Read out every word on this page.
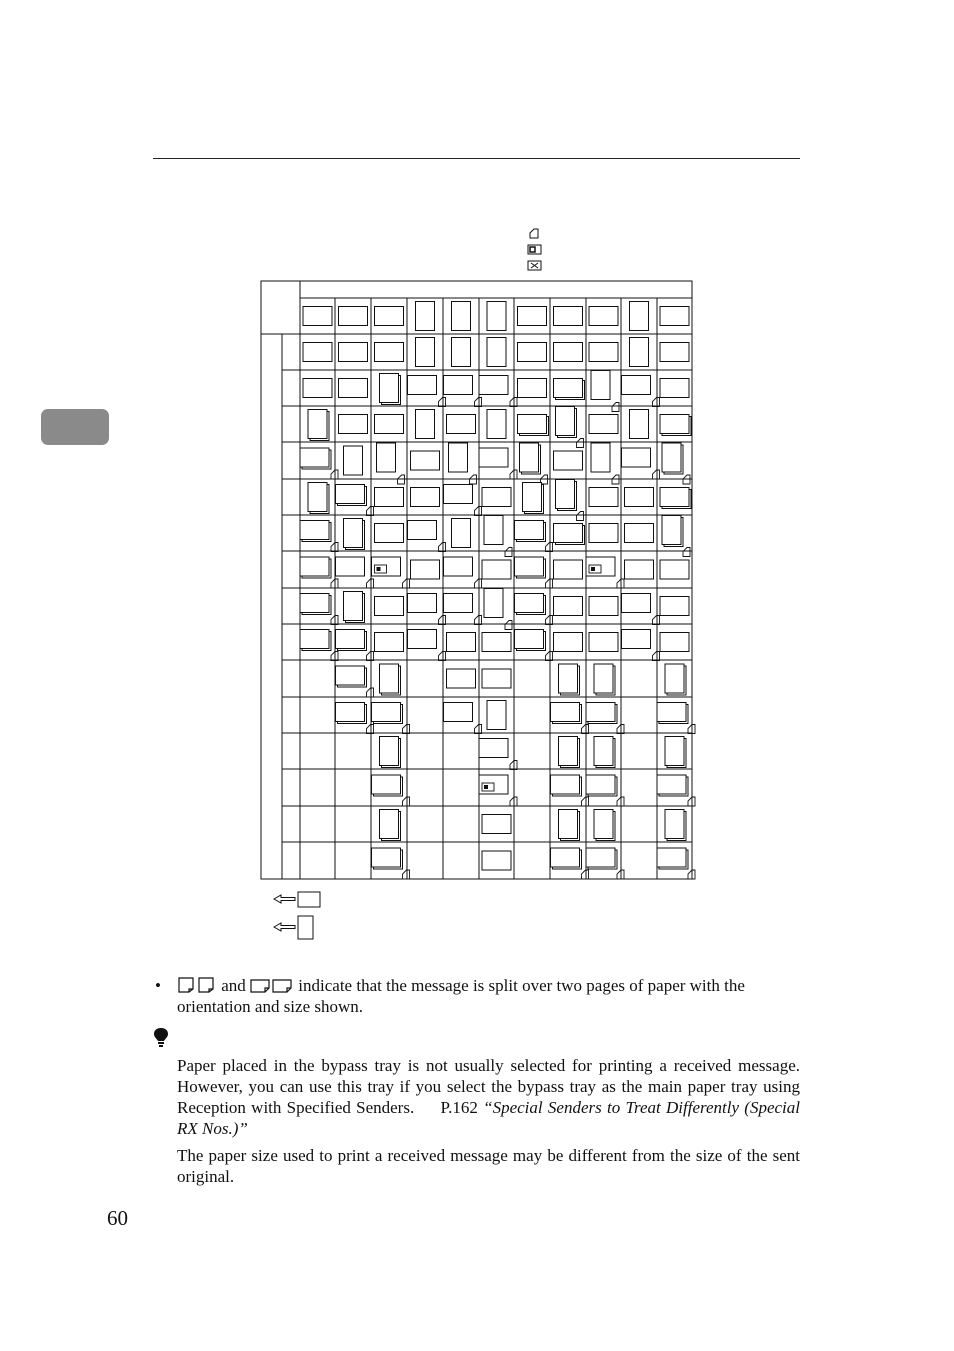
•	and	indicate that the message is split over two pages of paper with the orientation and size shown.
Paper placed in the bypass tray is not usually selected for printing a received message. However, you can use this tray if you select the bypass tray as the main paper tray using Reception with Specified Senders. P.162 “Special Senders to Treat Differently (Special RX Nos.)”
The paper size used to print a received message may be different from the size of the sent original.
60
